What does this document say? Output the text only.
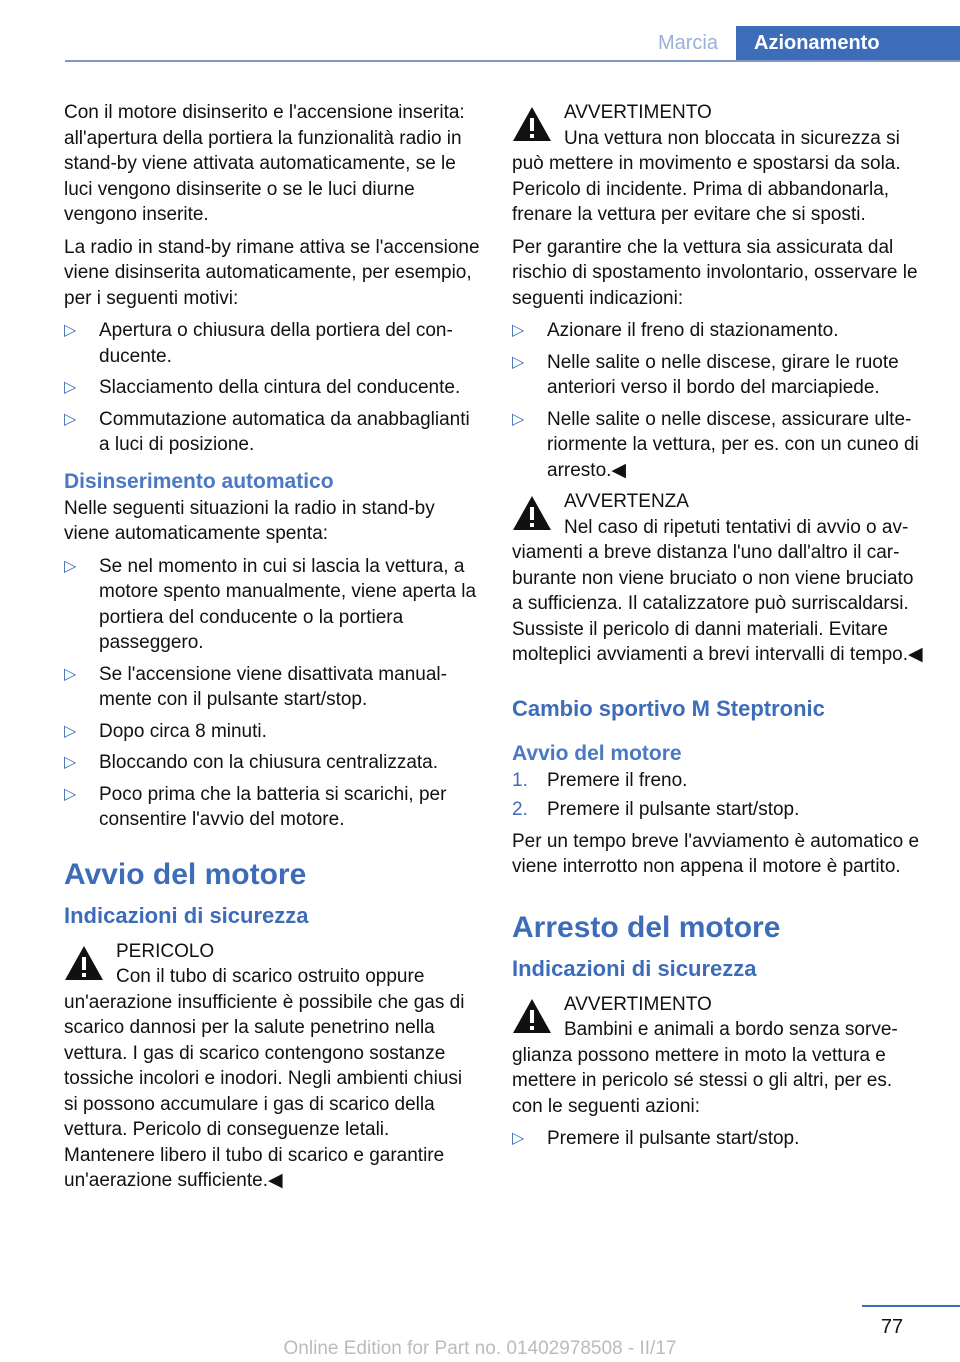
Marcia	Azionamento

Con il motore disinserito e l'accensione inserita: all'apertura della portiera la funzionalità radio in stand-by viene attivata automaticamente, se le luci vengono disinserite o se le luci diurne vengono inserite.

La radio in stand-by rimane attiva se l'accensione viene disinserita automaticamente, per esempio, per i seguenti motivi:

▷ Apertura o chiusura della portiera del conducente.
▷ Slacciamento della cintura del conducente.
▷ Commutazione automatica da anabbaglianti a luci di posizione.
Disinserimento automatico

Nelle seguenti situazioni la radio in stand-by viene automaticamente spenta:

▷ Se nel momento in cui si lascia la vettura, a motore spento manualmente, viene aperta la portiera del conducente o la portiera passeggero.
▷ Se l'accensione viene disattivata manualmente con il pulsante start/stop.
▷ Dopo circa 8 minuti.
▷ Bloccando con la chiusura centralizzata.
▷ Poco prima che la batteria si scarichi, per consentire l'avvio del motore.
Avvio del motore
Indicazioni di sicurezza
PERICOLO
Con il tubo di scarico ostruito oppure un'aerazione insufficiente è possibile che gas di scarico dannosi per la salute penetrino nella vettura. I gas di scarico contengono sostanze tossiche incolori e inodori. Negli ambienti chiusi si possono accumulare i gas di scarico della vettura. Pericolo di conseguenze letali. Mantenere libero il tubo di scarico e garantire un'aerazione sufficiente.◀
AVVERTIMENTO
Una vettura non bloccata in sicurezza si può mettere in movimento e spostarsi da sola. Pericolo di incidente. Prima di abbandonarla, frenare la vettura per evitare che si sposti.

Per garantire che la vettura sia assicurata dal rischio di spostamento involontario, osservare le seguenti indicazioni:

▷ Azionare il freno di stazionamento.
▷ Nelle salite o nelle discese, girare le ruote anteriori verso il bordo del marciapiede.
▷ Nelle salite o nelle discese, assicurare ulteriormente la vettura, per es. con un cuneo di arresto.◀
AVVERTENZA
Nel caso di ripetuti tentativi di avvio o avviamenti a breve distanza l'uno dall'altro il carburante non viene bruciato o non viene bruciato a sufficienza. Il catalizzatore può surriscaldarsi. Sussiste il pericolo di danni materiali. Evitare molteplici avviamenti a brevi intervalli di tempo.◀
Cambio sportivo M Steptronic
Avvio del motore
1. Premere il freno.
2. Premere il pulsante start/stop.

Per un tempo breve l'avviamento è automatico e viene interrotto non appena il motore è partito.

Arresto del motore
Indicazioni di sicurezza
AVVERTIMENTO
Bambini e animali a bordo senza sorveglianza possono mettere in moto la vettura e mettere in pericolo sé stessi o gli altri, per es. con le seguenti azioni:
▷ Premere il pulsante start/stop.
77
Online Edition for Part no. 01402978508 - II/17
